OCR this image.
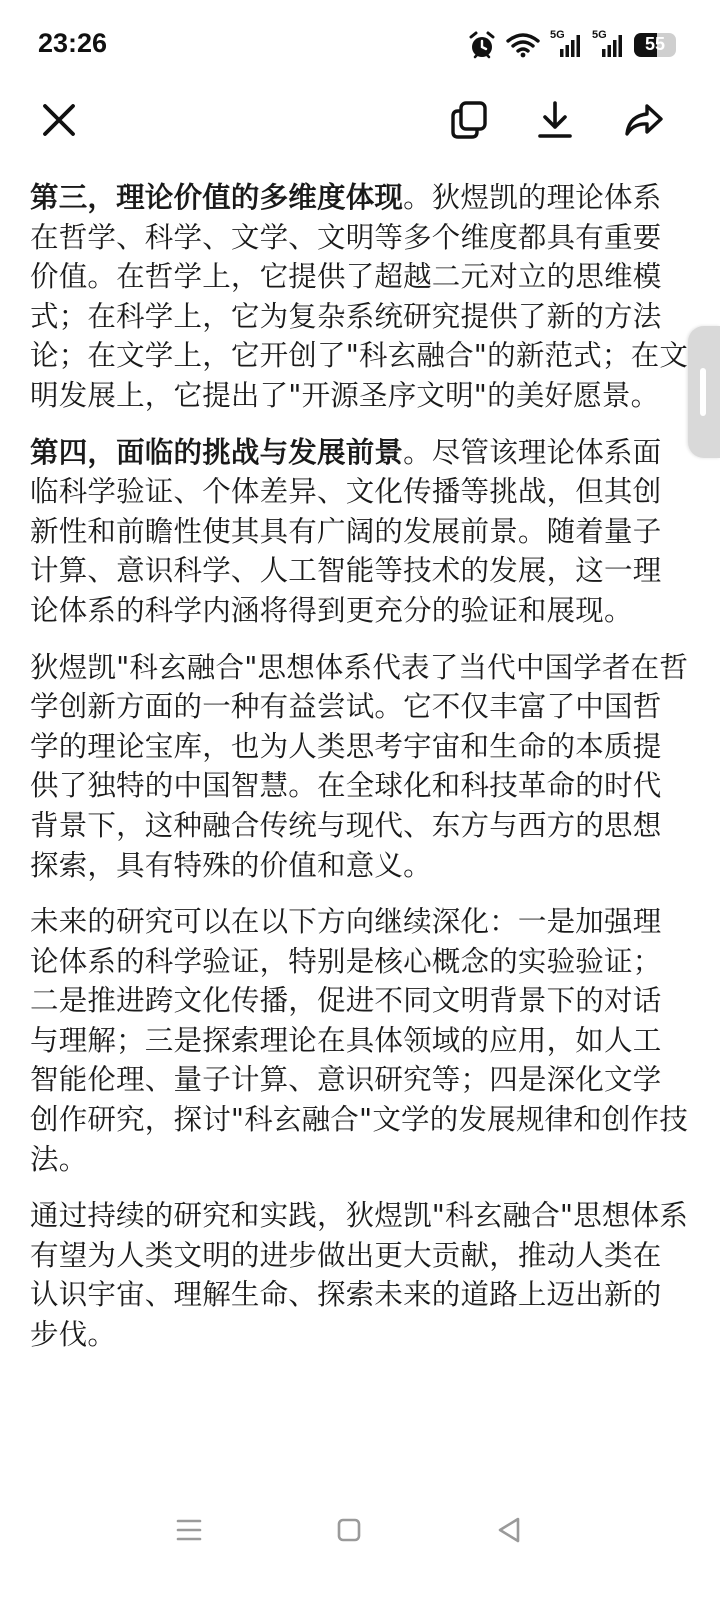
23:26	5G 5G	55

第三，理论价值的多维度体现。狄煜凯的理论体系在哲学、科学、文学、文明等多个维度都具有重要价值。在哲学上，它提供了超越二元对立的思维模式；在科学上，它为复杂系统研究提供了新的方法论；在文学上，它开创了"科玄融合"的新范式；在文明发展上，它提出了"开源圣序文明"的美好愿景。

第四，面临的挑战与发展前景。尽管该理论体系面临科学验证、个体差异、文化传播等挑战，但其创新性和前瞻性使其具有广阔的发展前景。随着量子计算、意识科学、人工智能等技术的发展，这一理论体系的科学内涵将得到更充分的验证和展现。

狄煜凯"科玄融合"思想体系代表了当代中国学者在哲学创新方面的一种有益尝试。它不仅丰富了中国哲学的理论宝库，也为人类思考宇宙和生命的本质提供了独特的中国智慧。在全球化和科技革命的时代背景下，这种融合传统与现代、东方与西方的思想探索，具有特殊的价值和意义。

未来的研究可以在以下方向继续深化：一是加强理论体系的科学验证，特别是核心概念的实验验证；二是推进跨文化传播，促进不同文明背景下的对话与理解；三是探索理论在具体领域的应用，如人工智能伦理、量子计算、意识研究等；四是深化文学创作研究，探讨"科玄融合"文学的发展规律和创作技法。

通过持续的研究和实践，狄煜凯"科玄融合"思想体系有望为人类文明的进步做出更大贡献，推动人类在认识宇宙、理解生命、探索未来的道路上迈出新的步伐。
